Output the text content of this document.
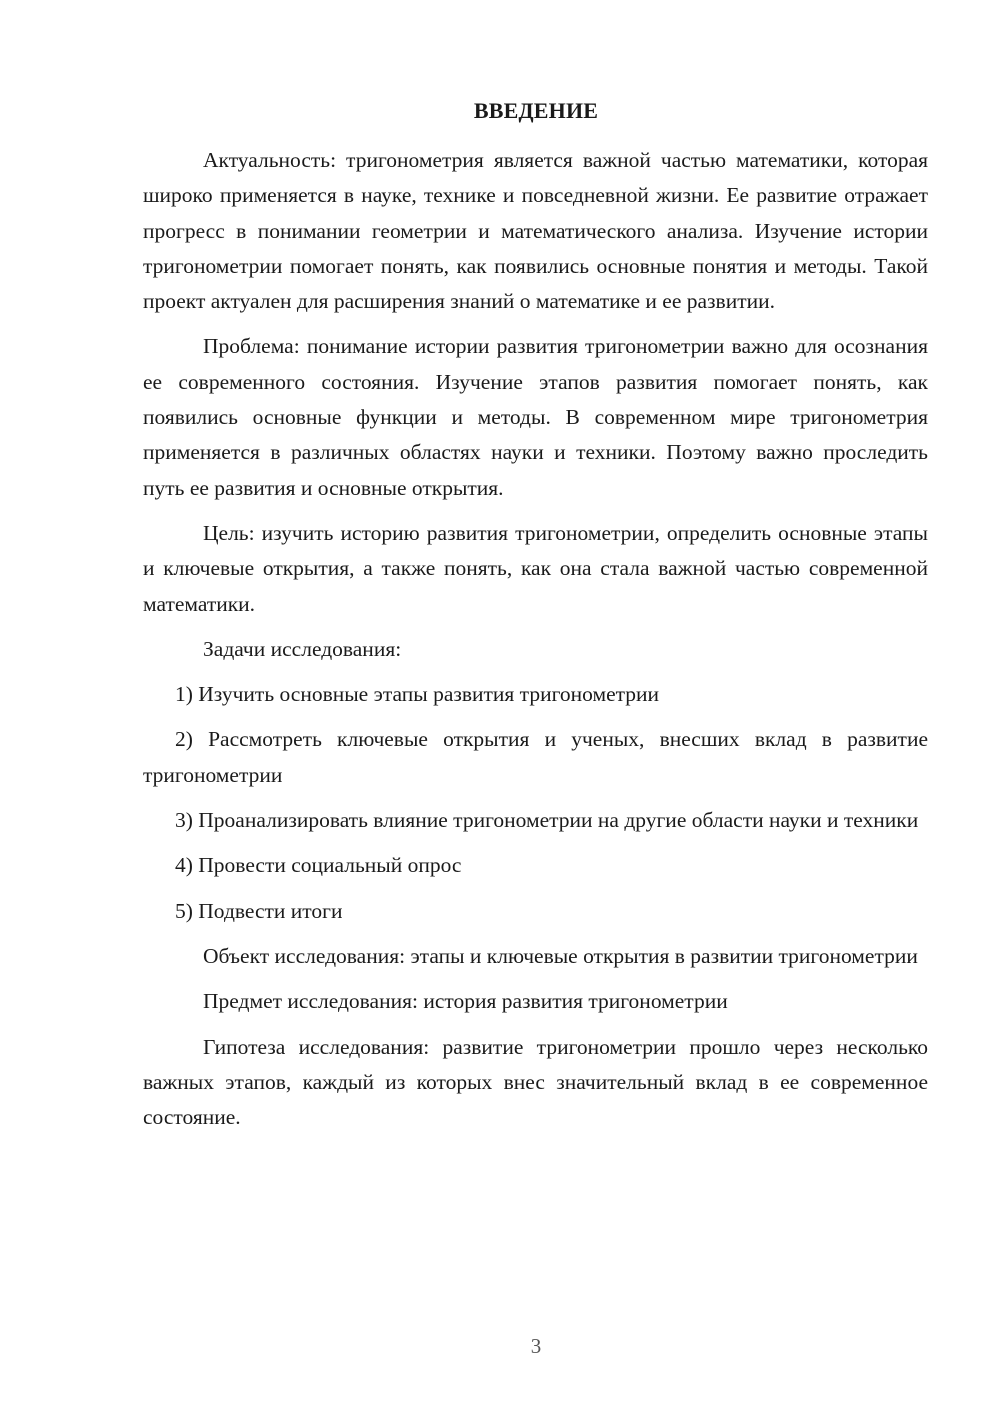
ВВЕДЕНИЕ

Актуальность: тригонометрия является важной частью математики, которая широко применяется в науке, технике и повседневной жизни. Ее развитие отражает прогресс в понимании геометрии и математического анализа. Изучение истории тригонометрии помогает понять, как появились основные понятия и методы. Такой проект актуален для расширения знаний о математике и ее развитии.

Проблема: понимание истории развития тригонометрии важно для осознания ее современного состояния. Изучение этапов развития помогает понять, как появились основные функции и методы. В современном мире тригонометрия применяется в различных областях науки и техники. Поэтому важно проследить путь ее развития и основные открытия.

Цель: изучить историю развития тригонометрии, определить основные этапы и ключевые открытия, а также понять, как она стала важной частью современной математики.

Задачи исследования:

1) Изучить основные этапы развития тригонометрии

2) Рассмотреть ключевые открытия и ученых, внесших вклад в развитие тригонометрии

3) Проанализировать влияние тригонометрии на другие области науки и техники

4) Провести социальный опрос

5) Подвести итоги

Объект исследования: этапы и ключевые открытия в развитии тригонометрии

Предмет исследования: история развития тригонометрии

Гипотеза исследования: развитие тригонометрии прошло через несколько важных этапов, каждый из которых внес значительный вклад в ее современное состояние.

3
